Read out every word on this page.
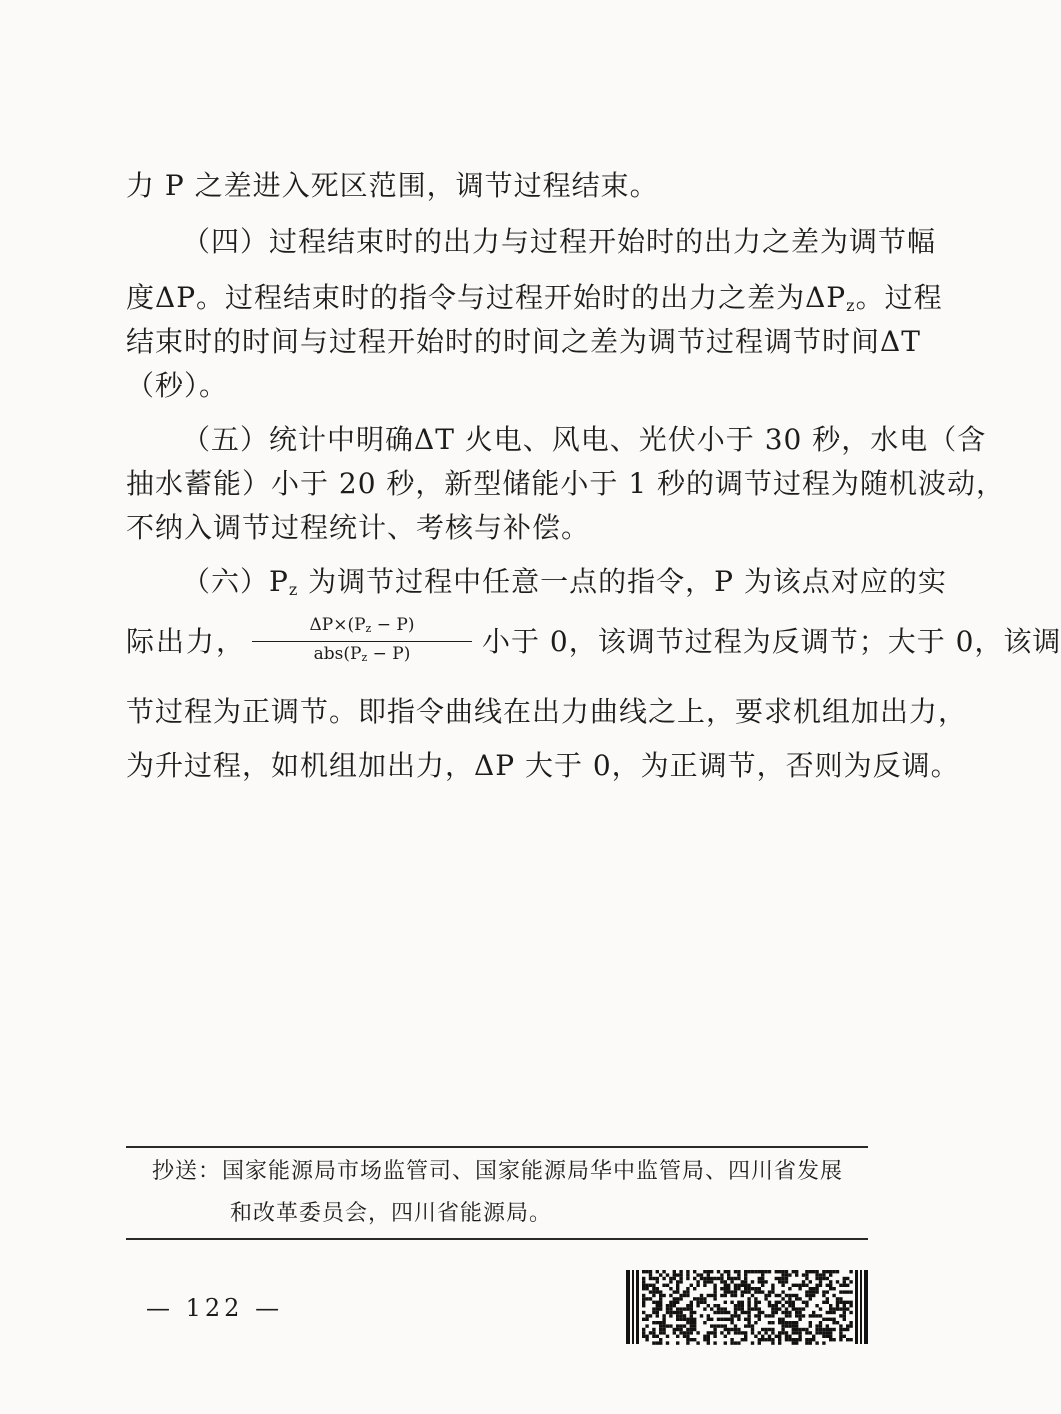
力 P 之差进入死区范围，调节过程结束。
（四）过程结束时的出力与过程开始时的出力之差为调节幅
度ΔP。过程结束时的指令与过程开始时的出力之差为$\Delta P_z$。过程
结束时的时间与过程开始时的时间之差为调节过程调节时间ΔT
（秒）。
（五）统计中明确ΔT 火电、风电、光伏小于 30 秒，水电（含
抽水蓄能）小于 20 秒，新型储能小于 1 秒的调节过程为随机波动，
不纳入调节过程统计、考核与补偿。
（六）$P_z$ 为调节过程中任意一点的指令，P 为该点对应的实
际出力，	$\Delta P\times(P_z - P)$
$abs(P_z - P)$	小于 0，该调节过程为反调节；大于 0，该调
节过程为正调节。即指令曲线在出力曲线之上，要求机组加出力，
为升过程，如机组加出力，ΔP 大于 0，为正调节，否则为反调。
抄送： 国家能源局市场监管司、国家能源局华中监管局、四川省发展
和改革委员会，四川省能源局。
— 122 —
